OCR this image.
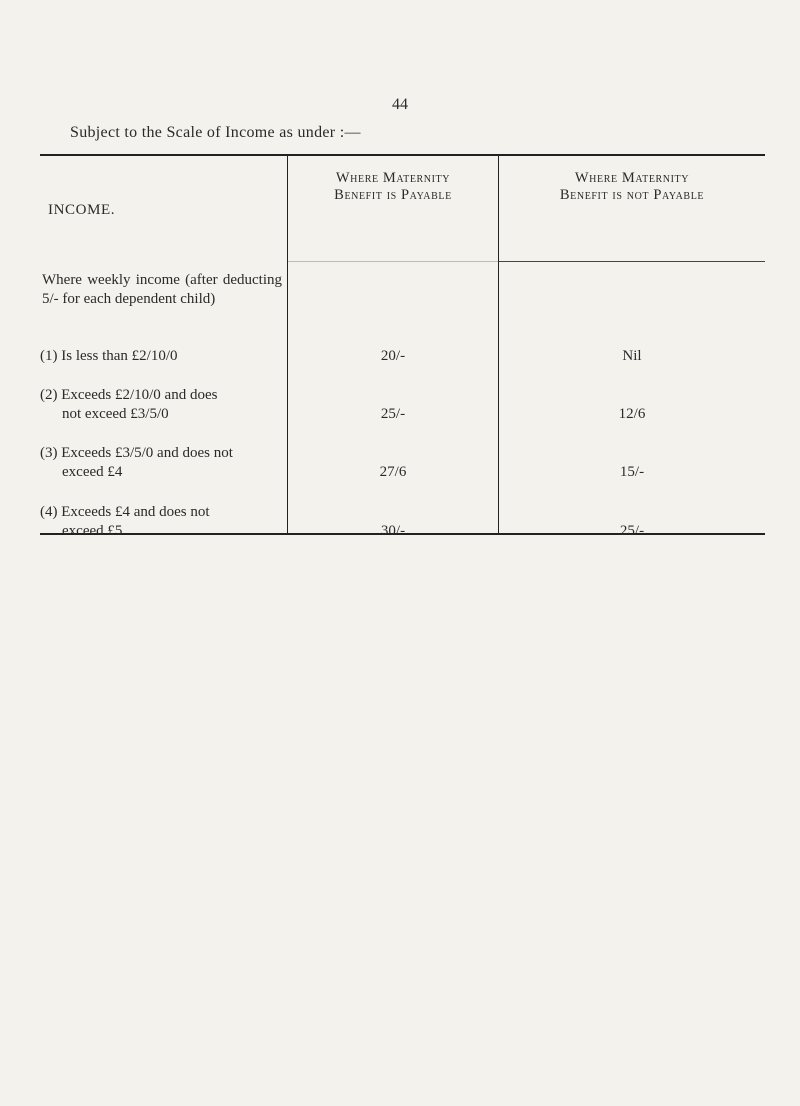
44
Subject to the Scale of Income as under :—
INCOME.
Where Maternity
Benefit is Payable
Where Maternity
Benefit is not Payable
Where weekly income (after deducting 5/- for each dependent child)
(1) Is less than £2/10/0	20/-	Nil
(2) Exceeds £2/10/0 and does
not exceed £3/5/0	25/-	12/6
(3) Exceeds £3/5/0 and does not
exceed £4	27/6	15/-
(4) Exceeds £4 and does not
exceed £5	30/-	25/-
